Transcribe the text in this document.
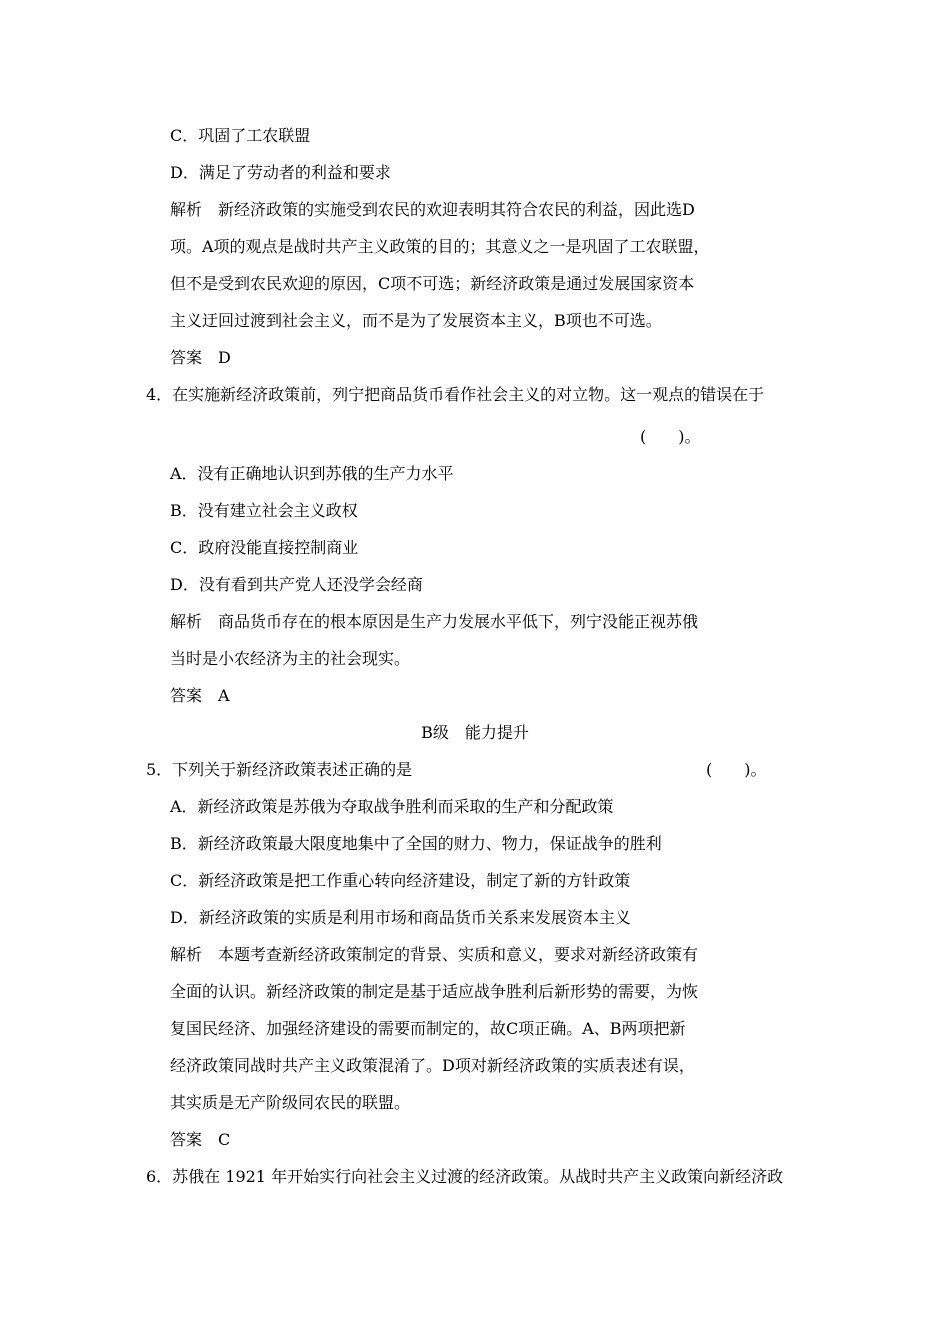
C．巩固了工农联盟
D．满足了劳动者的利益和要求
解析　新经济政策的实施受到农民的欢迎表明其符合农民的利益，因此选D
项。A项的观点是战时共产主义政策的目的；其意义之一是巩固了工农联盟，
但不是受到农民欢迎的原因，C项不可选；新经济政策是通过发展国家资本
主义迂回过渡到社会主义，而不是为了发展资本主义，B项也不可选。
答案　D
4．在实施新经济政策前，列宁把商品货币看作社会主义的对立物。这一观点的错误在于
(　　)。
A．没有正确地认识到苏俄的生产力水平
B．没有建立社会主义政权
C．政府没能直接控制商业
D．没有看到共产党人还没学会经商
解析　商品货币存在的根本原因是生产力发展水平低下，列宁没能正视苏俄
当时是小农经济为主的社会现实。
答案　A
B级　能力提升
5．下列关于新经济政策表述正确的是	(　　)。
A．新经济政策是苏俄为夺取战争胜利而采取的生产和分配政策
B．新经济政策最大限度地集中了全国的财力、物力，保证战争的胜利
C．新经济政策是把工作重心转向经济建设，制定了新的方针政策
D．新经济政策的实质是利用市场和商品货币关系来发展资本主义
解析　本题考查新经济政策制定的背景、实质和意义，要求对新经济政策有
全面的认识。新经济政策的制定是基于适应战争胜利后新形势的需要，为恢
复国民经济、加强经济建设的需要而制定的，故C项正确。A、B两项把新
经济政策同战时共产主义政策混淆了。D项对新经济政策的实质表述有误，
其实质是无产阶级同农民的联盟。
答案　C
6．苏俄在 1921 年开始实行向社会主义过渡的经济政策。从战时共产主义政策向新经济政
